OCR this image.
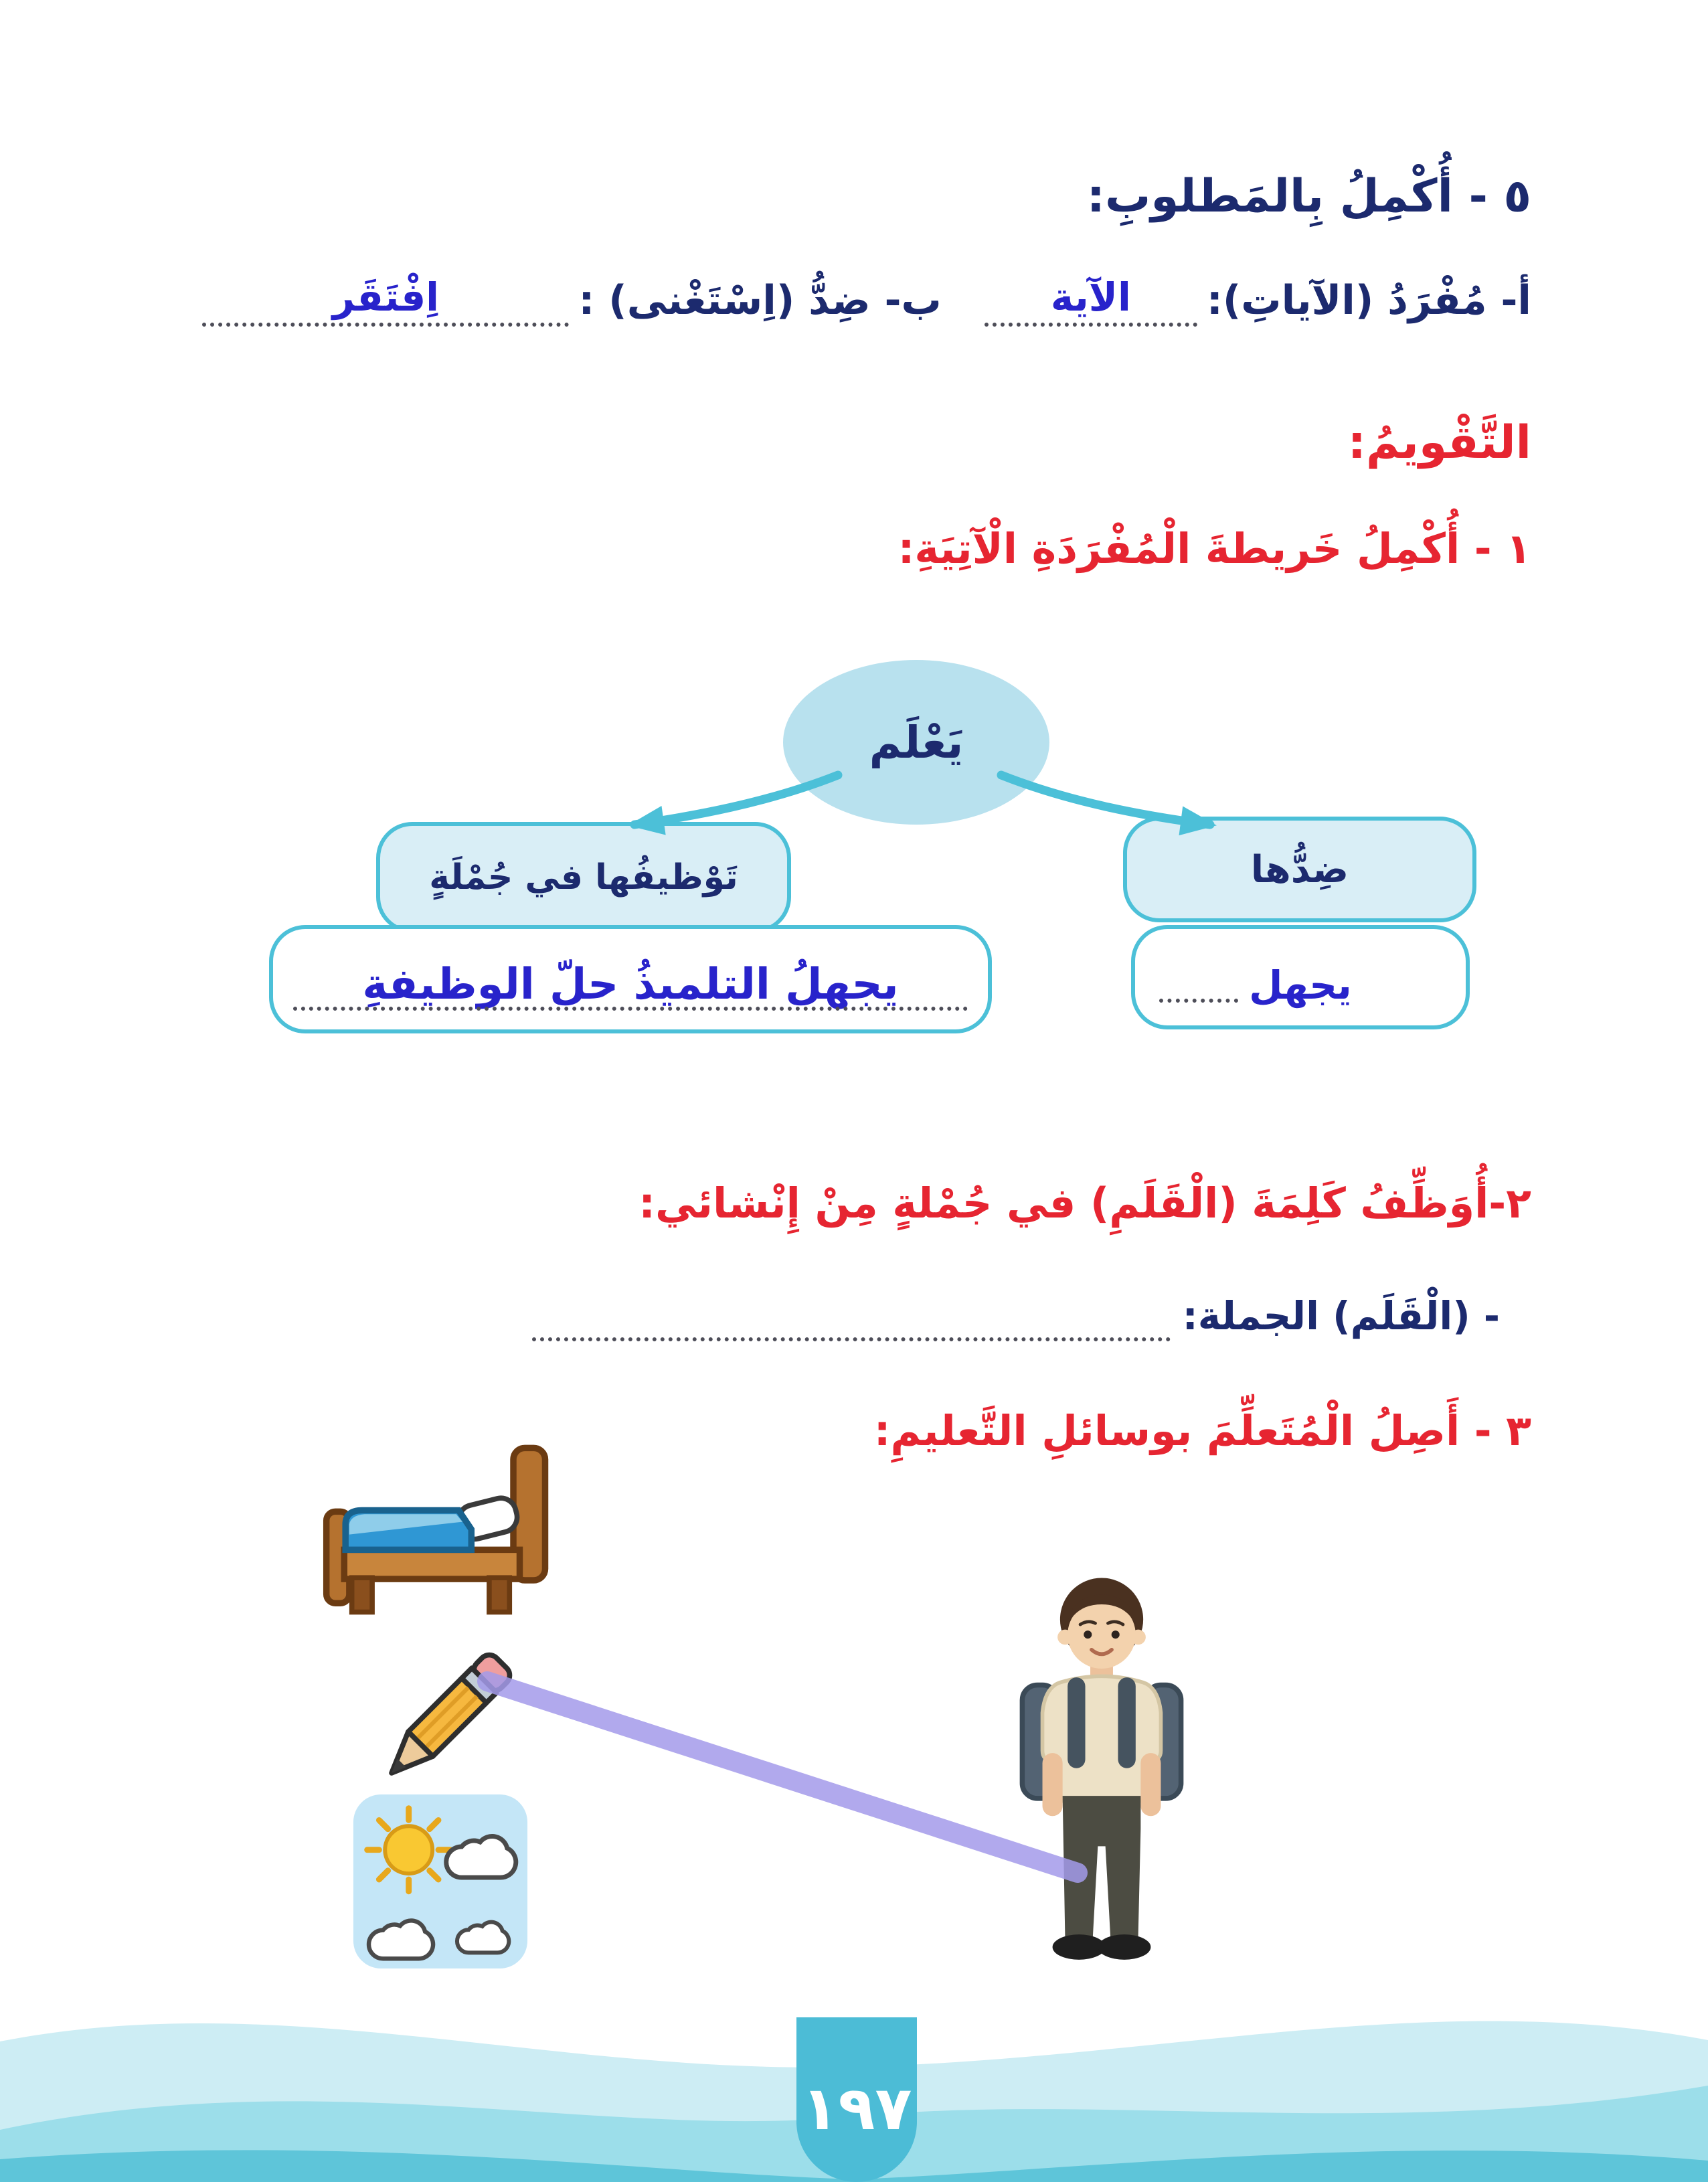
٥ - أُكْمِلُ بِالمَطلوبِ:
أ- مُفْرَدُ (الآياتِ):
الآية
ب- ضِدُّ (اِسْتَغْنى) :
اِفْتَقَر
التَّقْويمُ:
١ - أُكْمِلُ خَريطةَ الْمُفْرَدَةِ الْآتِيَةِ:
يَعْلَم
ضِدُّها
يجهل
تَوْظيفُها في جُمْلَةٍ
يجهلُ التلميذُ حلّ الوظيفةِ
٢-أُوَظِّفُ كَلِمَةَ (الْقَلَمِ) في جُمْلةٍ مِنْ إِنْشائي:
- (الْقَلَم) الجملة:
٣ - أَصِلُ الْمُتَعلِّمَ بوسائلِ التَّعليمِ:
١٩٧
